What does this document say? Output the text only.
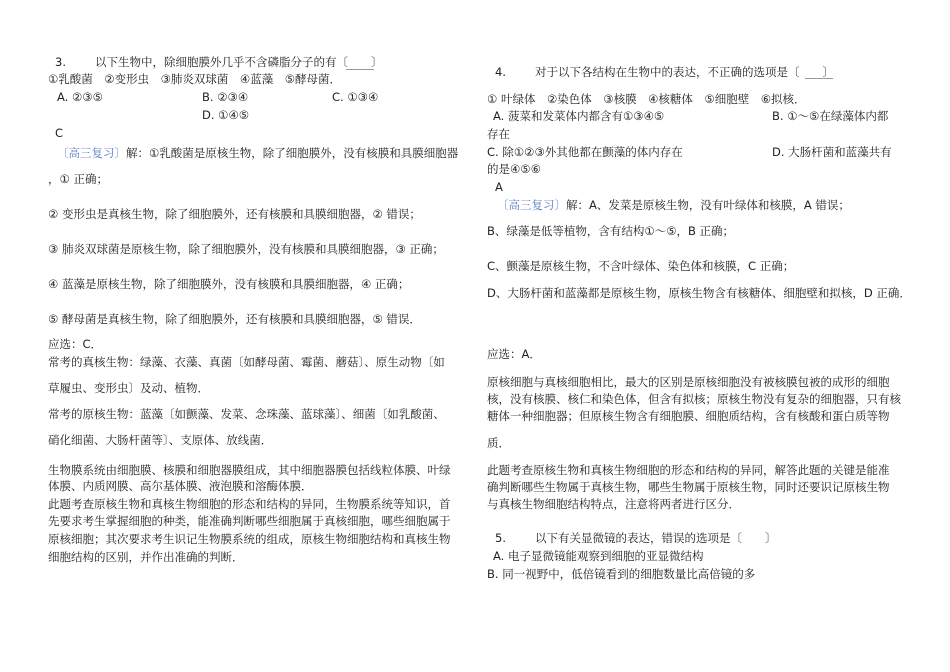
3.	以下生物中，除细胞膜外几乎不含磷脂分子的有〔　　〕
①乳酸菌　②变形虫　③肺炎双球菌　④蓝藻　⑤酵母菌．
A. ②③⑤	B. ②③④	C. ①③④
D. ①④⑤
C
〔高三复习〕解：①乳酸菌是原核生物，除了细胞膜外，没有核膜和具膜细胞器
，① 正确；
② 变形虫是真核生物，除了细胞膜外，还有核膜和具膜细胞器，② 错误；
③ 肺炎双球菌是原核生物，除了细胞膜外，没有核膜和具膜细胞器，③ 正确；
④ 蓝藻是原核生物，除了细胞膜外，没有核膜和具膜细胞器，④ 正确；
⑤ 酵母菌是真核生物，除了细胞膜外，还有核膜和具膜细胞器，⑤ 错误．
应选：C．
常考的真核生物：绿藻、衣藻、真菌〔如酵母菌、霉菌、蘑菇〕、原生动物〔如
草履虫、变形虫〕及动、植物．
常考的原核生物：蓝藻〔如颤藻、发菜、念珠藻、蓝球藻〕、细菌〔如乳酸菌、
硝化细菌、大肠杆菌等〕、支原体、放线菌．
生物膜系统由细胞膜、核膜和细胞器膜组成，其中细胞器膜包括线粒体膜、叶绿
体膜、内质网膜、高尔基体膜、液泡膜和溶酶体膜．
此题考查原核生物和真核生物细胞的形态和结构的异同，生物膜系统等知识，首
先要求考生掌握细胞的种类，能准确判断哪些细胞属于真核细胞，哪些细胞属于
原核细胞；其次要求考生识记生物膜系统的组成，原核生物细胞结构和真核生物
细胞结构的区别，并作出准确的判断．
4.	对于以下各结构在生物中的表达，不正确的选项是〔　　〕
① 叶绿体　②染色体　③核膜　④核糖体　⑤细胞壁　⑥拟核．
A. 菠菜和发菜体内都含有①③④⑤	B. ①～⑤在绿藻体内都
存在
C. 除①②③外其他都在颤藻的体内存在	D. 大肠杆菌和蓝藻共有
的是④⑤⑥
A
〔高三复习〕解：A、发菜是原核生物，没有叶绿体和核膜，A 错误；
B、绿藻是低等植物，含有结构①～⑤，B 正确；
C、颤藻是原核生物，不含叶绿体、染色体和核膜，C 正确；
D、大肠杆菌和蓝藻都是原核生物，原核生物含有核糖体、细胞壁和拟核，D 正确．
应选：A．
原核细胞与真核细胞相比，最大的区别是原核细胞没有被核膜包被的成形的细胞
核，没有核膜、核仁和染色体，但含有拟核；原核生物没有复杂的细胞器，只有核
糖体一种细胞器；但原核生物含有细胞膜、细胞质结构，含有核酸和蛋白质等物
质．
此题考查原核生物和真核生物细胞的形态和结构的异同，解答此题的关键是能准
确判断哪些生物属于真核生物，哪些生物属于原核生物，同时还要识记原核生物
与真核生物细胞结构特点，注意将两者进行区分．
5.	以下有关显微镜的表达，错误的选项是〔　　〕
A. 电子显微镜能观察到细胞的亚显微结构
B. 同一视野中，低倍镜看到的细胞数量比高倍镜的多
